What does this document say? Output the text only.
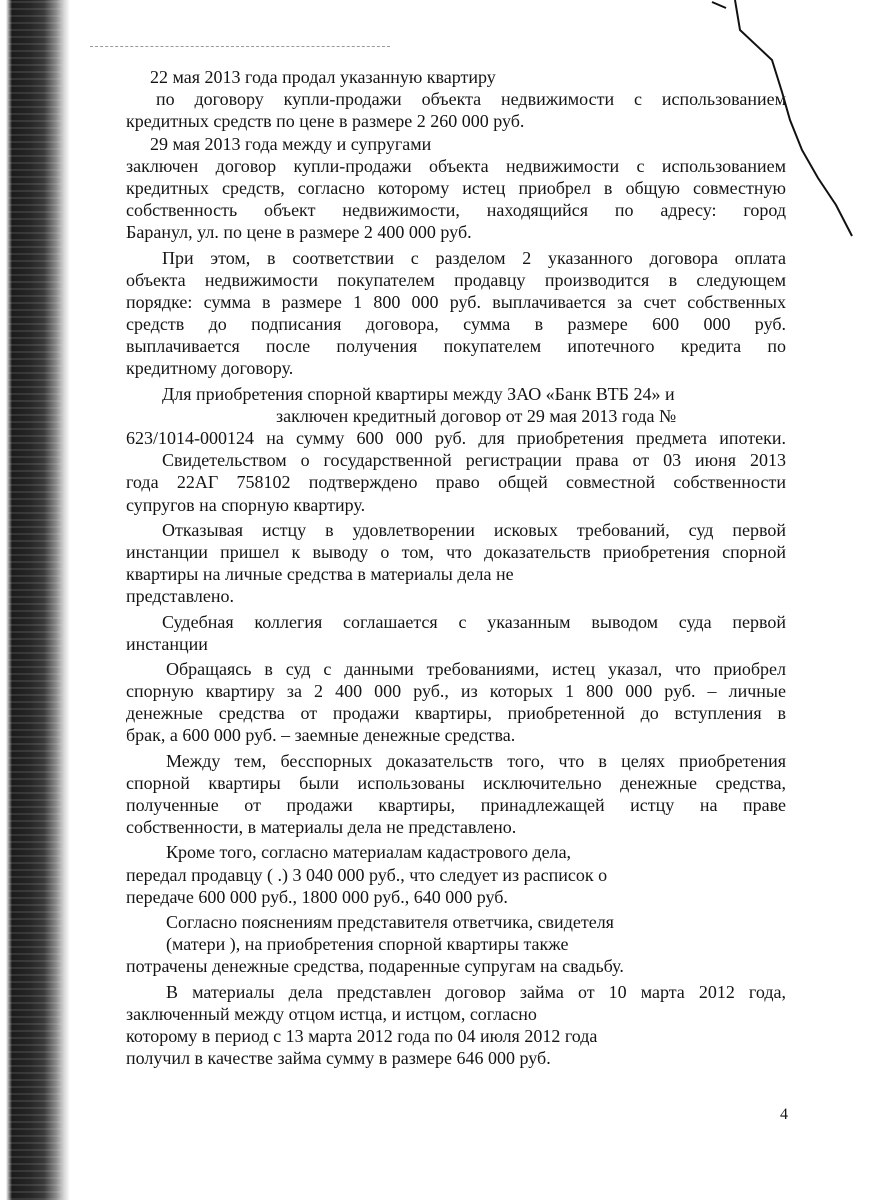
22 мая 2013 года продал указанную квартиру
по договору купли-продажи объекта недвижимости с использованием
кредитных средств по цене в размере 2 260 000 руб.
29 мая 2013 года между и супругами
заключен договор купли-продажи объекта недвижимости с использованием
кредитных средств, согласно которому истец приобрел в общую совместную
собственность объект недвижимости, находящийся по адресу: город
Баранул, ул. по цене в размере 2 400 000 руб.
При этом, в соответствии с разделом 2 указанного договора оплата
объекта недвижимости покупателем продавцу производится в следующем
порядке: сумма в размере 1 800 000 руб. выплачивается за счет собственных
средств до подписания договора, сумма в размере 600 000 руб.
выплачивается после получения покупателем ипотечного кредита по
кредитному договору.
Для приобретения спорной квартиры между ЗАО «Банк ВТБ 24» и
заключен кредитный договор от 29 мая 2013 года №
623/1014-000124 на сумму 600 000 руб. для приобретения предмета ипотеки.
Свидетельством о государственной регистрации права от 03 июня 2013
года 22АГ 758102 подтверждено право общей совместной собственности
супругов на спорную квартиру.
Отказывая истцу в удовлетворении исковых требований, суд первой
инстанции пришел к выводу о том, что доказательств приобретения спорной
квартиры на личные средства в материалы дела не
представлено.
Судебная коллегия соглашается с указанным выводом суда первой
инстанции
Обращаясь в суд с данными требованиями, истец указал, что приобрел
спорную квартиру за 2 400 000 руб., из которых 1 800 000 руб. – личные
денежные средства от продажи квартиры, приобретенной до вступления в
брак, а 600 000 руб. – заемные денежные средства.
Между тем, бесспорных доказательств того, что в целях приобретения
спорной квартиры были использованы исключительно денежные средства,
полученные от продажи квартиры, принадлежащей истцу на праве
собственности, в материалы дела не представлено.
Кроме того, согласно материалам кадастрового дела,
передал продавцу ( .) 3 040 000 руб., что следует из расписок о
передаче 600 000 руб., 1800 000 руб., 640 000 руб.
Согласно пояснениям представителя ответчика, свидетеля
(матери ), на приобретения спорной квартиры также
потрачены денежные средства, подаренные супругам на свадьбу.
В материалы дела представлен договор займа от 10 марта 2012 года,
заключенный между отцом истца, и истцом, согласно
которому в период с 13 марта 2012 года по 04 июля 2012 года
получил в качестве займа сумму в размере 646 000 руб.
4
